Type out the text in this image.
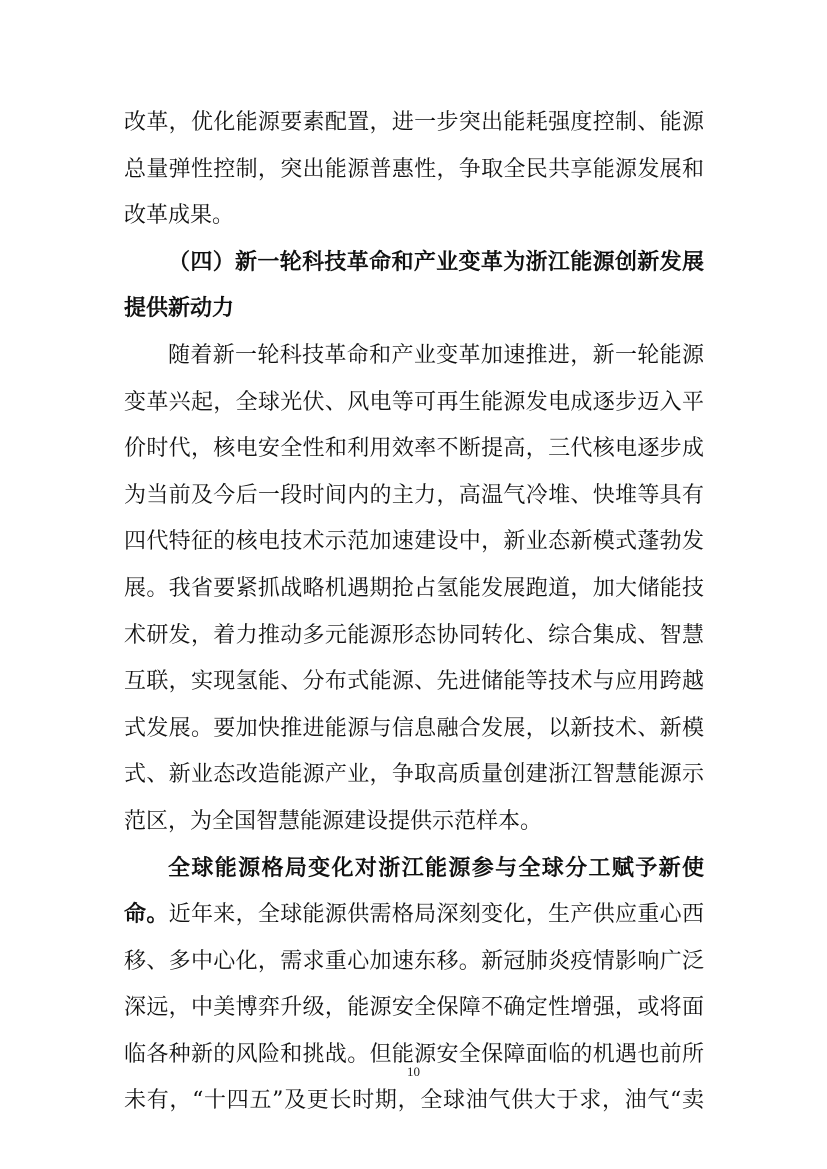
改革，优化能源要素配置，进一步突出能耗强度控制、能源
总量弹性控制，突出能源普惠性，争取全民共享能源发展和
改革成果。
（四）新一轮科技革命和产业变革为浙江能源创新发展
提供新动力
随着新一轮科技革命和产业变革加速推进，新一轮能源
变革兴起，全球光伏、风电等可再生能源发电成逐步迈入平
价时代，核电安全性和利用效率不断提高，三代核电逐步成
为当前及今后一段时间内的主力，高温气冷堆、快堆等具有
四代特征的核电技术示范加速建设中，新业态新模式蓬勃发
展。我省要紧抓战略机遇期抢占氢能发展跑道，加大储能技
术研发，着力推动多元能源形态协同转化、综合集成、智慧
互联，实现氢能、分布式能源、先进储能等技术与应用跨越
式发展。要加快推进能源与信息融合发展，以新技术、新模
式、新业态改造能源产业，争取高质量创建浙江智慧能源示
范区，为全国智慧能源建设提供示范样本。
全球能源格局变化对浙江能源参与全球分工赋予新使
命。近年来，全球能源供需格局深刻变化，生产供应重心西
移、多中心化，需求重心加速东移。新冠肺炎疫情影响广泛
深远，中美博弈升级，能源安全保障不确定性增强，或将面
临各种新的风险和挑战。但能源安全保障面临的机遇也前所
未有，“十四五”及更长时期，全球油气供大于求，油气“卖
10
